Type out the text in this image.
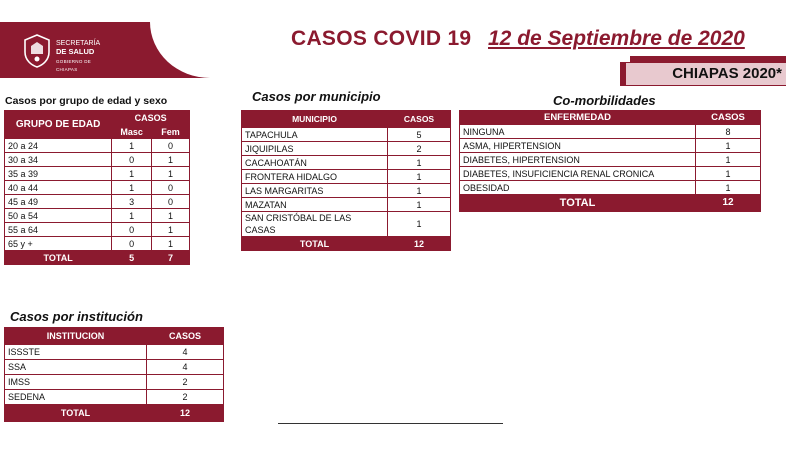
CASOS COVID 19 12 de Septiembre de 2020
CHIAPAS 2020*
SECRETARÍA
DE SALUD
GOBIERNO DE CHIAPAS
Casos por grupo de edad y sexo
GRUPO DE EDAD	CASOS	
	Masc	Fem
20 a 24	1	0
30 a 34	0	1
35 a 39	1	1
40 a 44	1	0
45 a 49	3	0
50 a 54	1	1
55 a 64	0	1
65 y +	0	1
TOTAL	5	7
Casos por municipio
MUNICIPIO	CASOS
TAPACHULA	5
JIQUIPILAS	2
CACAHOATÁN	1
FRONTERA HIDALGO	1
LAS MARGARITAS	1
MAZATAN	1
SAN CRISTÓBAL DE LAS CASAS	1
TOTAL	12
Co-morbilidades
ENFERMEDAD	CASOS
NINGUNA	8
ASMA, HIPERTENSION	1
DIABETES, HIPERTENSION	1
DIABETES, INSUFICIENCIA RENAL CRONICA	1
OBESIDAD	1
TOTAL	12
Casos por institución
INSTITUCION	CASOS
ISSSTE	4
SSA	4
IMSS	2
SEDENA	2
TOTAL	12
